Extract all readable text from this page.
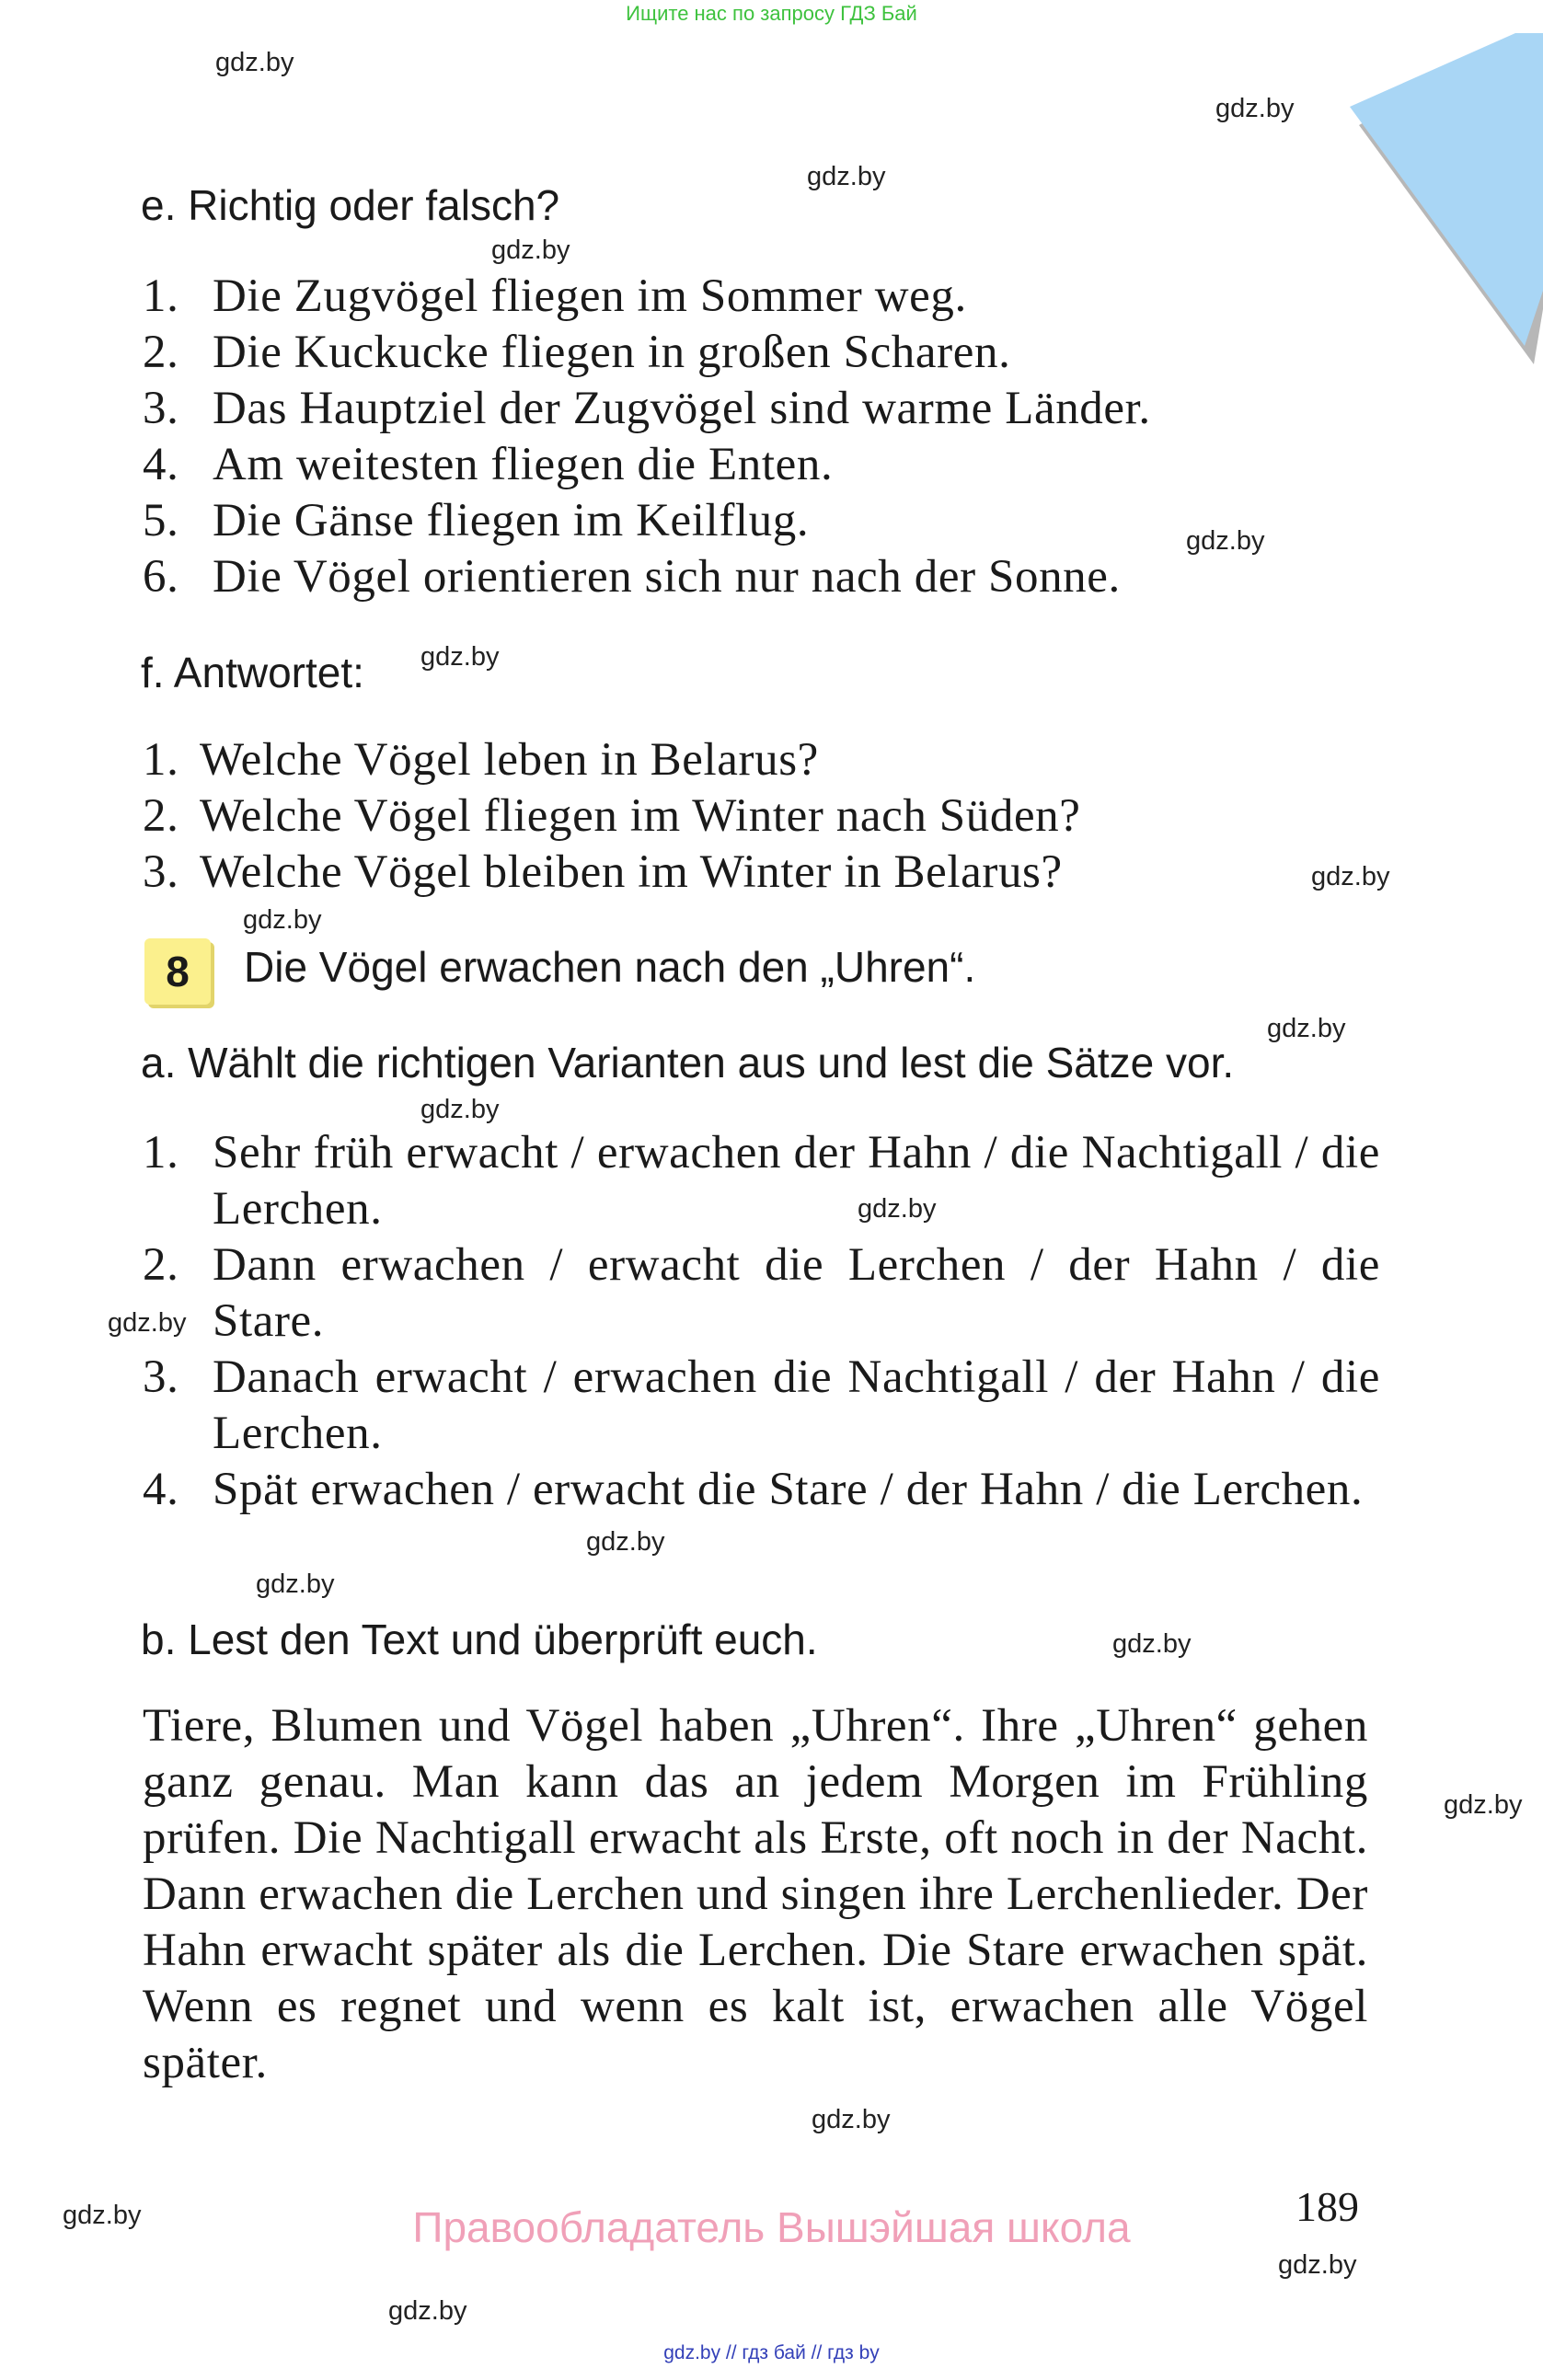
Ищите нас по запросу ГДЗ Бай
gdz.by
gdz.by
gdz.by
gdz.by
gdz.by
gdz.by
gdz.by
gdz.by
gdz.by
gdz.by
gdz.by
gdz.by
gdz.by
gdz.by
gdz.by
gdz.by
gdz.by
gdz.by
gdz.by
gdz.by
e. Richtig oder falsch?
1. Die Zugvögel fliegen im Sommer weg.
2. Die Kuckucke fliegen in großen Scharen.
3. Das Hauptziel der Zugvögel sind warme Länder.
4. Am weitesten fliegen die Enten.
5. Die Gänse fliegen im Keilflug.
6. Die Vögel orientieren sich nur nach der Sonne.
f. Antwortet:
1. Welche Vögel leben in Belarus?
2. Welche Vögel fliegen im Winter nach Süden?
3. Welche Vögel bleiben im Winter in Belarus?
8	Die Vögel erwachen nach den „Uhren“.
a. Wählt die richtigen Varianten aus und lest die Sätze vor.
1. Sehr früh erwacht / erwachen der Hahn / die Nachtigall / die Lerchen.
2. Dann erwachen / erwacht die Lerchen / der Hahn / die Stare.
3. Danach erwacht / erwachen die Nachtigall / der Hahn / die Lerchen.
4. Spät erwachen / erwacht die Stare / der Hahn / die Lerchen.
b. Lest den Text und überprüft euch.

Tiere, Blumen und Vögel haben „Uhren“. Ihre „Uhren“ gehen ganz genau. Man kann das an jedem Morgen im Frühling prüfen. Die Nachtigall erwacht als Erste, oft noch in der Nacht. Dann erwachen die Lerchen und singen ihre Lerchenlieder. Der Hahn erwacht später als die Lerchen. Die Stare erwachen spät. Wenn es regnet und wenn es kalt ist, erwachen alle Vögel später.

189
Правообладатель Вышэйшая школа
gdz.by // гдз бай // гдз by
